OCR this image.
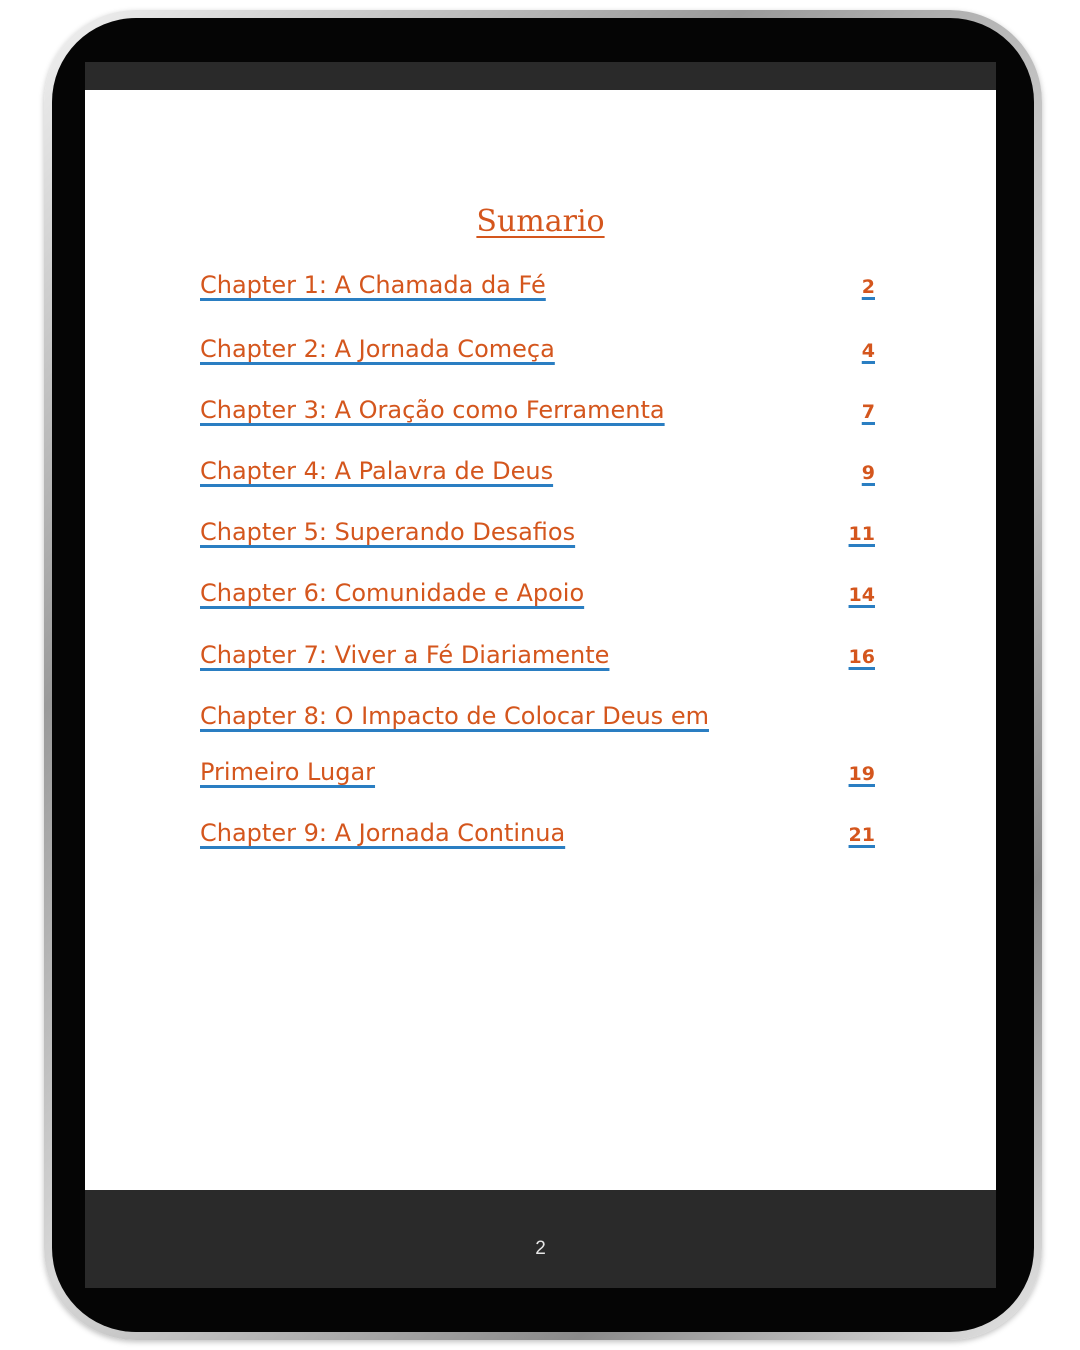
Sumario
Chapter 1: A Chamada da Fé	2
Chapter 2: A Jornada Começa	4
Chapter 3: A Oração como Ferramenta	7
Chapter 4: A Palavra de Deus	9
Chapter 5: Superando Desafios	11
Chapter 6: Comunidade e Apoio	14
Chapter 7: Viver a Fé Diariamente	16
Chapter 8: O Impacto de Colocar Deus em
Primeiro Lugar	19
Chapter 9: A Jornada Continua	21
2
